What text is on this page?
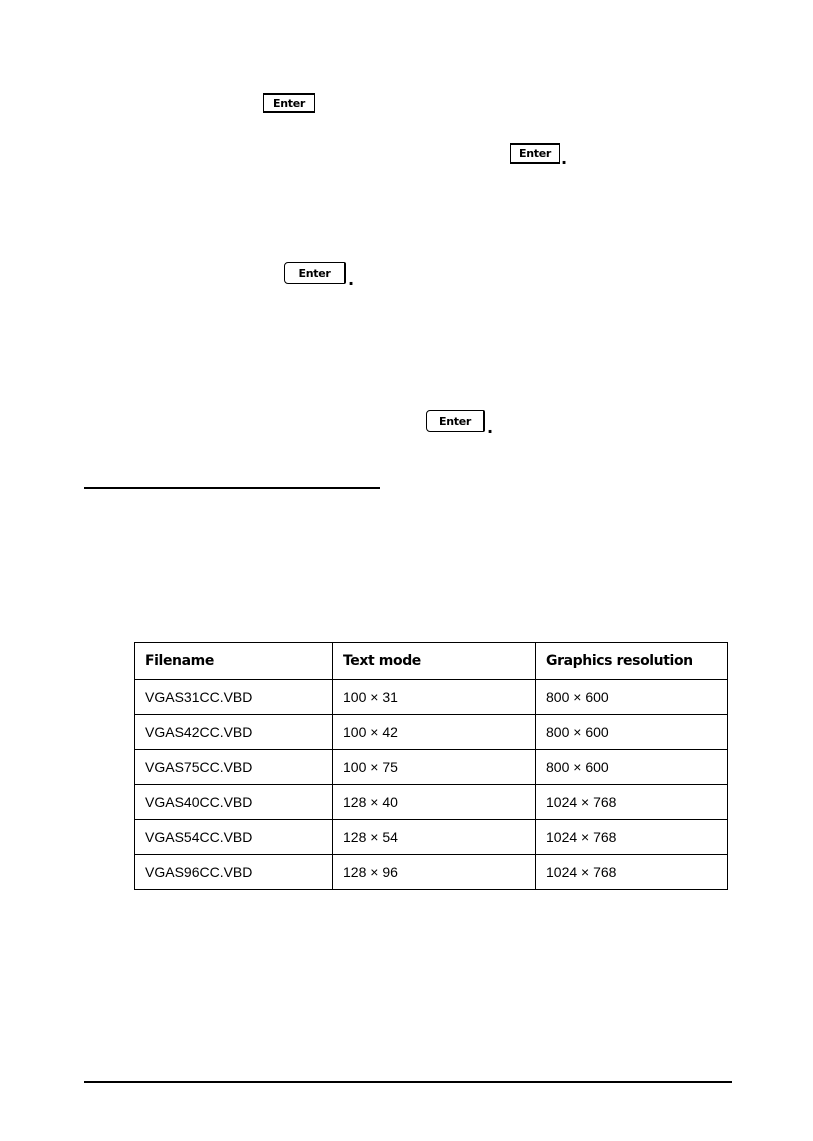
Enter
Enter .
Enter .
Enter .
Filename	Text mode	Graphics resolution
VGAS31CC.VBD	100 × 31	800 × 600
VGAS42CC.VBD	100 × 42	800 × 600
VGAS75CC.VBD	100 × 75	800 × 600
VGAS40CC.VBD	128 × 40	1024 × 768
VGAS54CC.VBD	128 × 54	1024 × 768
VGAS96CC.VBD	128 × 96	1024 × 768
